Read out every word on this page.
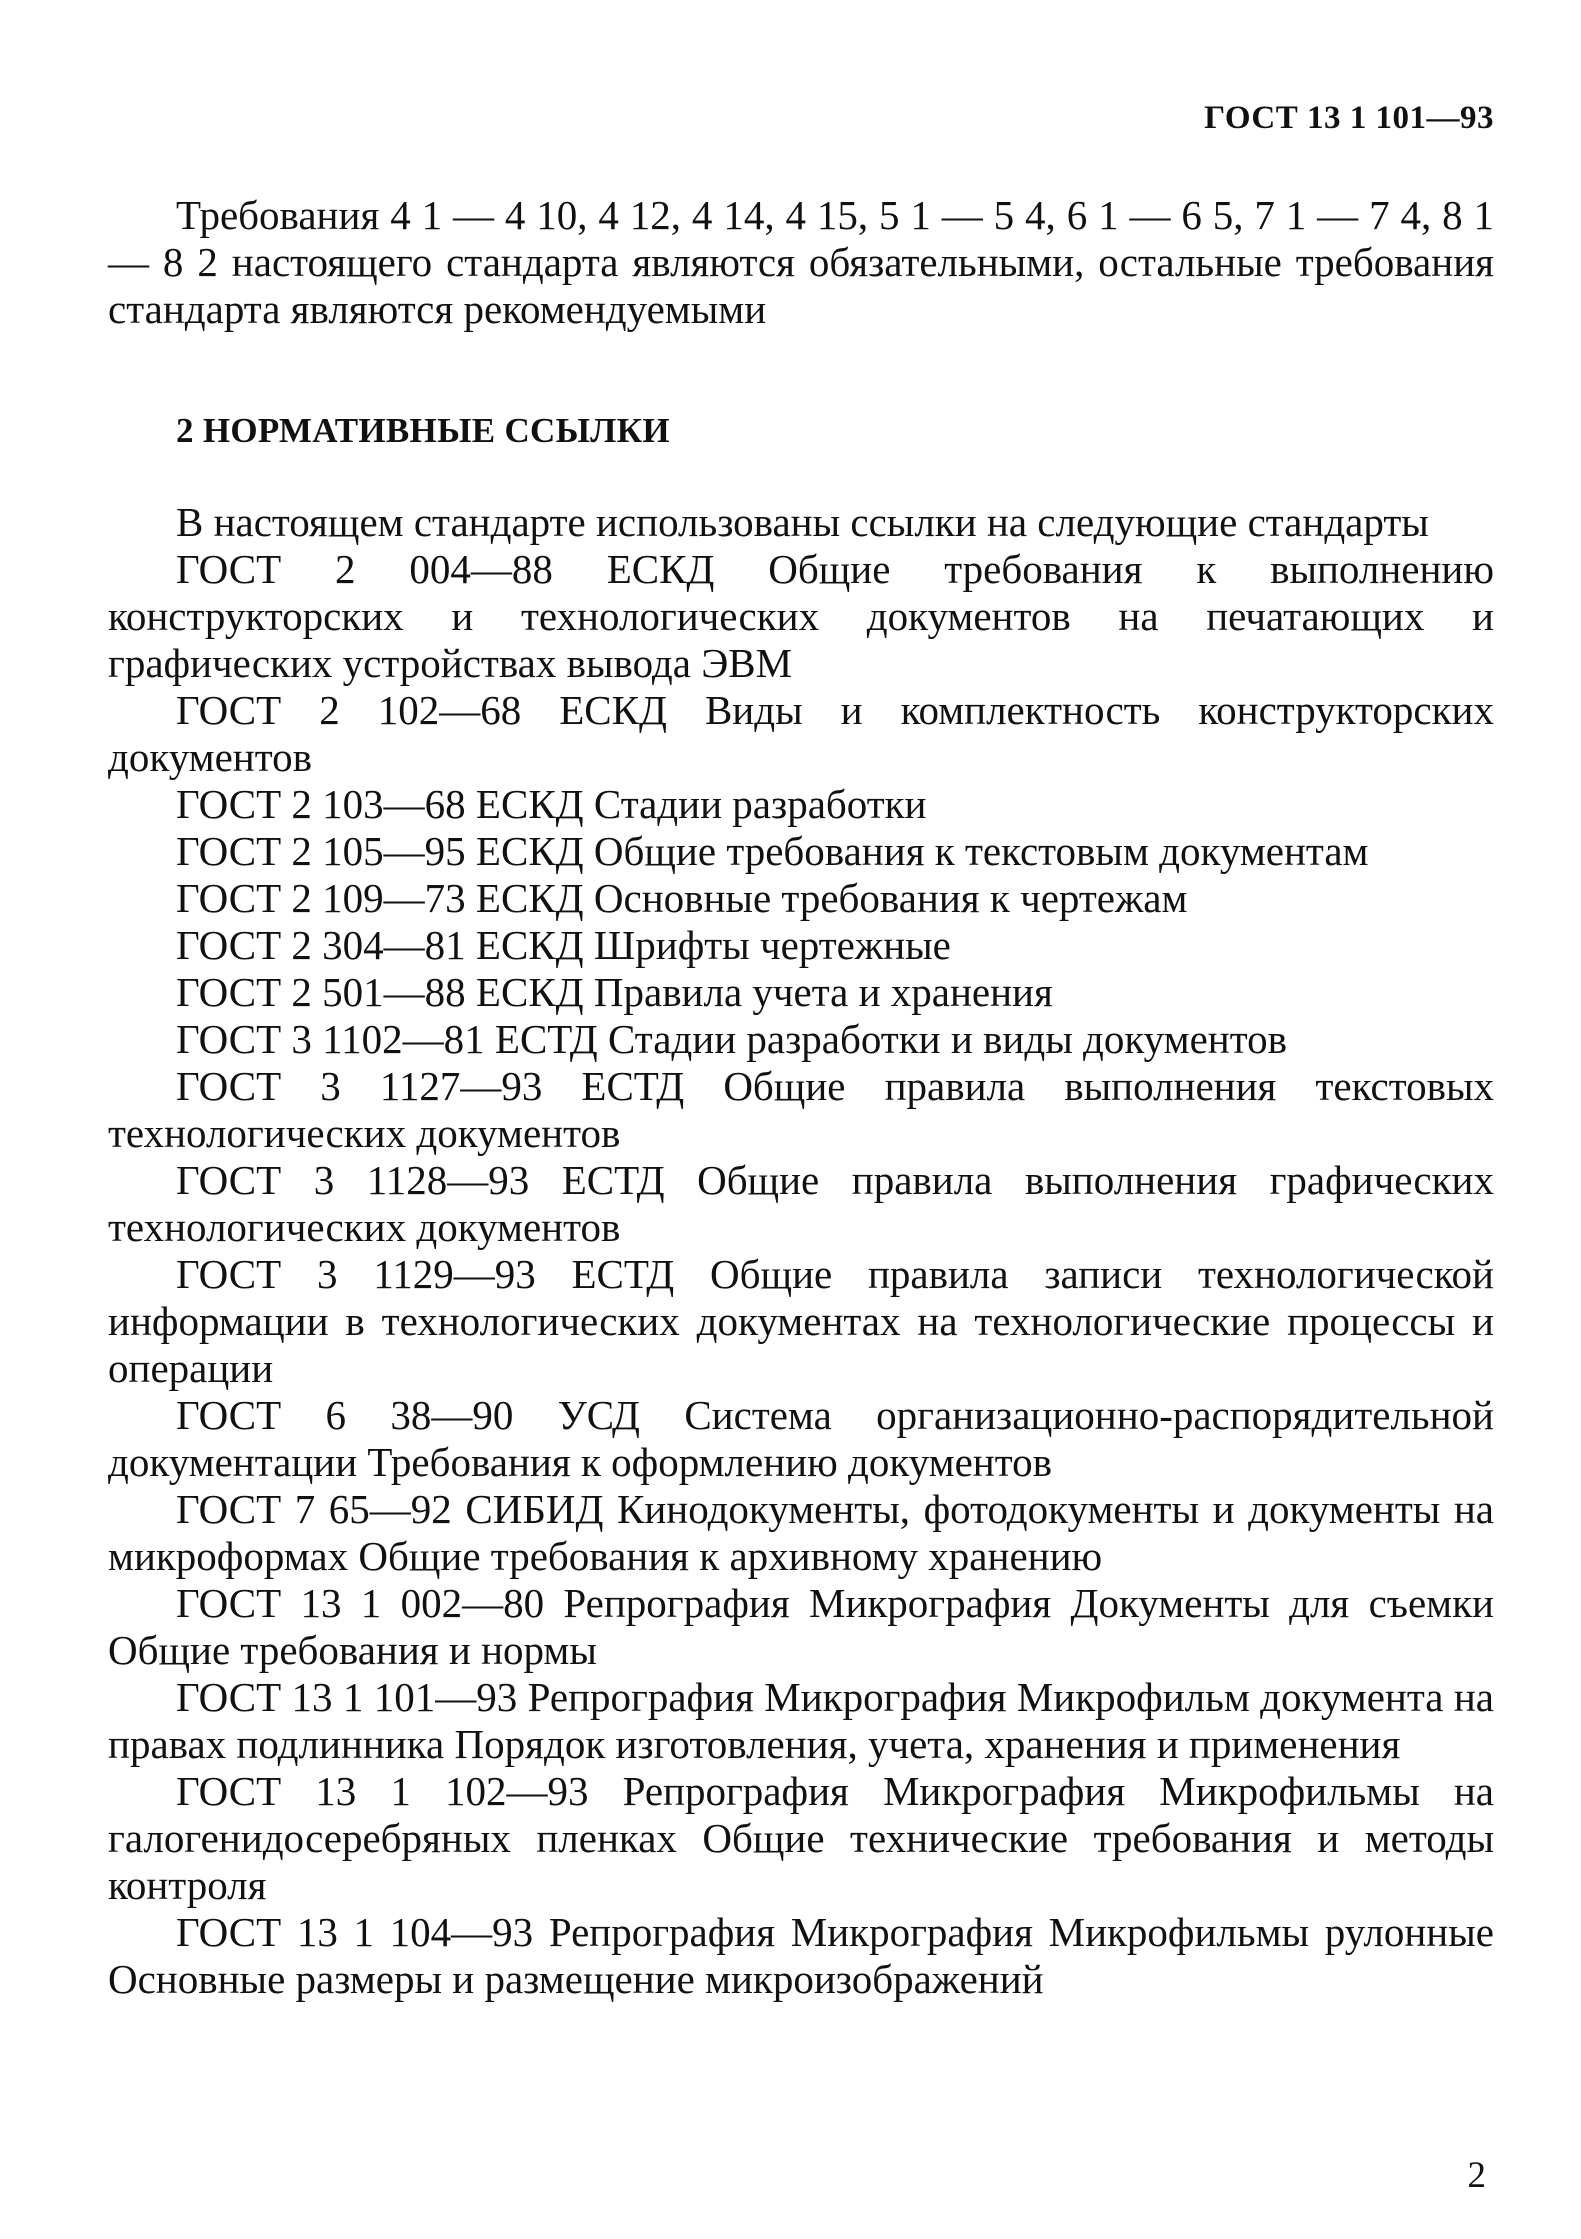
ГОСТ 13 1 101—93

Требования 4 1 — 4 10, 4 12, 4 14, 4 15, 5 1 — 5 4, 6 1 — 6 5, 7 1 — 7 4, 8 1 — 8 2 настоящего стандарта являются обязательными, остальные требования стандарта являются рекомендуемыми

2 НОРМАТИВНЫЕ ССЫЛКИ

В настоящем стандарте использованы ссылки на следующие стандарты

ГОСТ 2 004—88 ЕСКД Общие требования к выполнению конструкторских и технологических документов на печатающих и графических устройствах вывода ЭВМ
ГОСТ 2 102—68 ЕСКД Виды и комплектность конструкторских документов
ГОСТ 2 103—68 ЕСКД Стадии разработки
ГОСТ 2 105—95 ЕСКД Общие требования к текстовым документам
ГОСТ 2 109—73 ЕСКД Основные требования к чертежам
ГОСТ 2 304—81 ЕСКД Шрифты чертежные
ГОСТ 2 501—88 ЕСКД Правила учета и хранения
ГОСТ 3 1102—81 ЕСТД Стадии разработки и виды документов
ГОСТ 3 1127—93 ЕСТД Общие правила выполнения текстовых технологических документов
ГОСТ 3 1128—93 ЕСТД Общие правила выполнения графических технологических документов
ГОСТ 3 1129—93 ЕСТД Общие правила записи технологической информации в технологических документах на технологические процессы и операции
ГОСТ 6 38—90 УСД Система организационно-распорядительной документации Требования к оформлению документов
ГОСТ 7 65—92 СИБИД Кинодокументы, фотодокументы и документы на микроформах Общие требования к архивному хранению
ГОСТ 13 1 002—80 Репрография Микрография Документы для съемки Общие требования и нормы
ГОСТ 13 1 101—93 Репрография Микрография Микрофильм документа на правах подлинника Порядок изготовления, учета, хранения и применения
ГОСТ 13 1 102—93 Репрография Микрография Микрофильмы на галогенидосеребряных пленках Общие технические требования и методы контроля
ГОСТ 13 1 104—93 Репрография Микрография Микрофильмы рулонные Основные размеры и размещение микроизображений
2
